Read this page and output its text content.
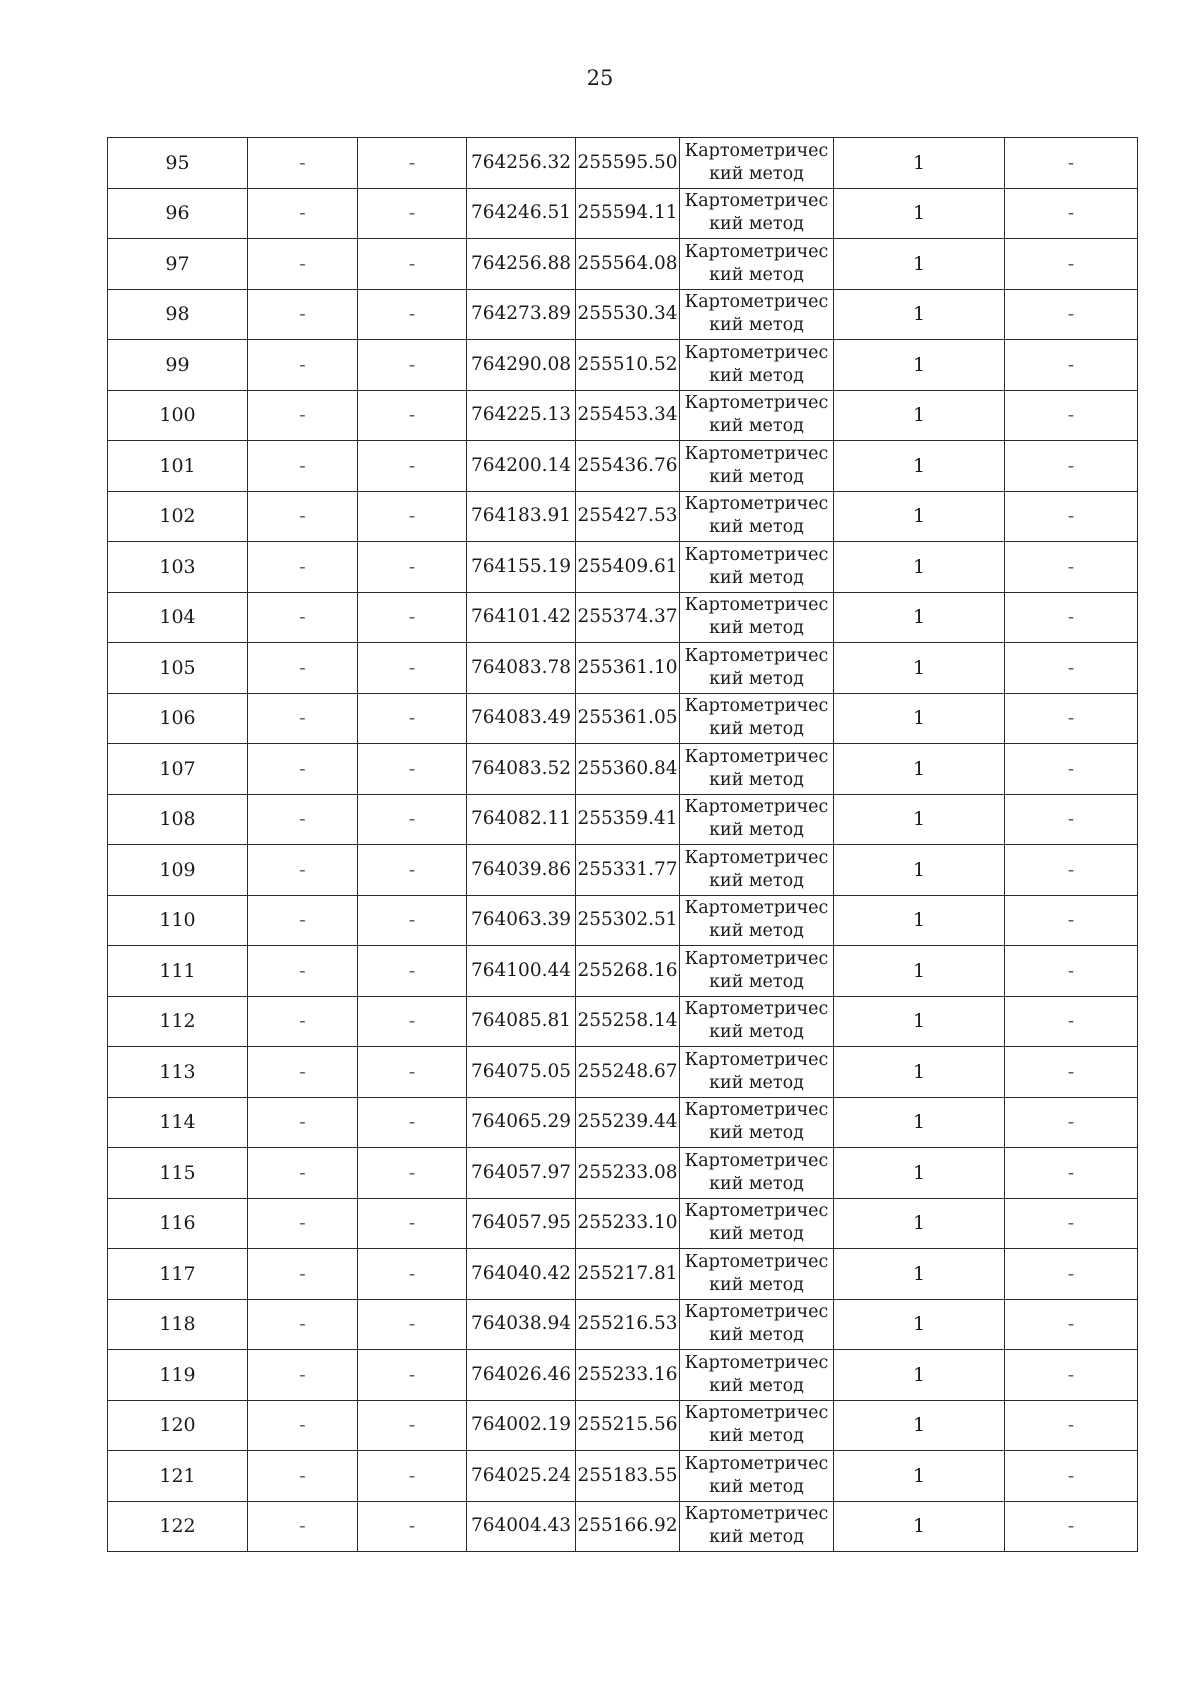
25
95	-	-	764256.32	255595.50	Картометричес
кий метод	1	-
96	-	-	764246.51	255594.11	Картометричес
кий метод	1	-
97	-	-	764256.88	255564.08	Картометричес
кий метод	1	-
98	-	-	764273.89	255530.34	Картометричес
кий метод	1	-
99	-	-	764290.08	255510.52	Картометричес
кий метод	1	-
100	-	-	764225.13	255453.34	Картометричес
кий метод	1	-
101	-	-	764200.14	255436.76	Картометричес
кий метод	1	-
102	-	-	764183.91	255427.53	Картометричес
кий метод	1	-
103	-	-	764155.19	255409.61	Картометричес
кий метод	1	-
104	-	-	764101.42	255374.37	Картометричес
кий метод	1	-
105	-	-	764083.78	255361.10	Картометричес
кий метод	1	-
106	-	-	764083.49	255361.05	Картометричес
кий метод	1	-
107	-	-	764083.52	255360.84	Картометричес
кий метод	1	-
108	-	-	764082.11	255359.41	Картометричес
кий метод	1	-
109	-	-	764039.86	255331.77	Картометричес
кий метод	1	-
110	-	-	764063.39	255302.51	Картометричес
кий метод	1	-
111	-	-	764100.44	255268.16	Картометричес
кий метод	1	-
112	-	-	764085.81	255258.14	Картометричес
кий метод	1	-
113	-	-	764075.05	255248.67	Картометричес
кий метод	1	-
114	-	-	764065.29	255239.44	Картометричес
кий метод	1	-
115	-	-	764057.97	255233.08	Картометричес
кий метод	1	-
116	-	-	764057.95	255233.10	Картометричес
кий метод	1	-
117	-	-	764040.42	255217.81	Картометричес
кий метод	1	-
118	-	-	764038.94	255216.53	Картометричес
кий метод	1	-
119	-	-	764026.46	255233.16	Картометричес
кий метод	1	-
120	-	-	764002.19	255215.56	Картометричес
кий метод	1	-
121	-	-	764025.24	255183.55	Картометричес
кий метод	1	-
122	-	-	764004.43	255166.92	Картометричес
кий метод	1	-
